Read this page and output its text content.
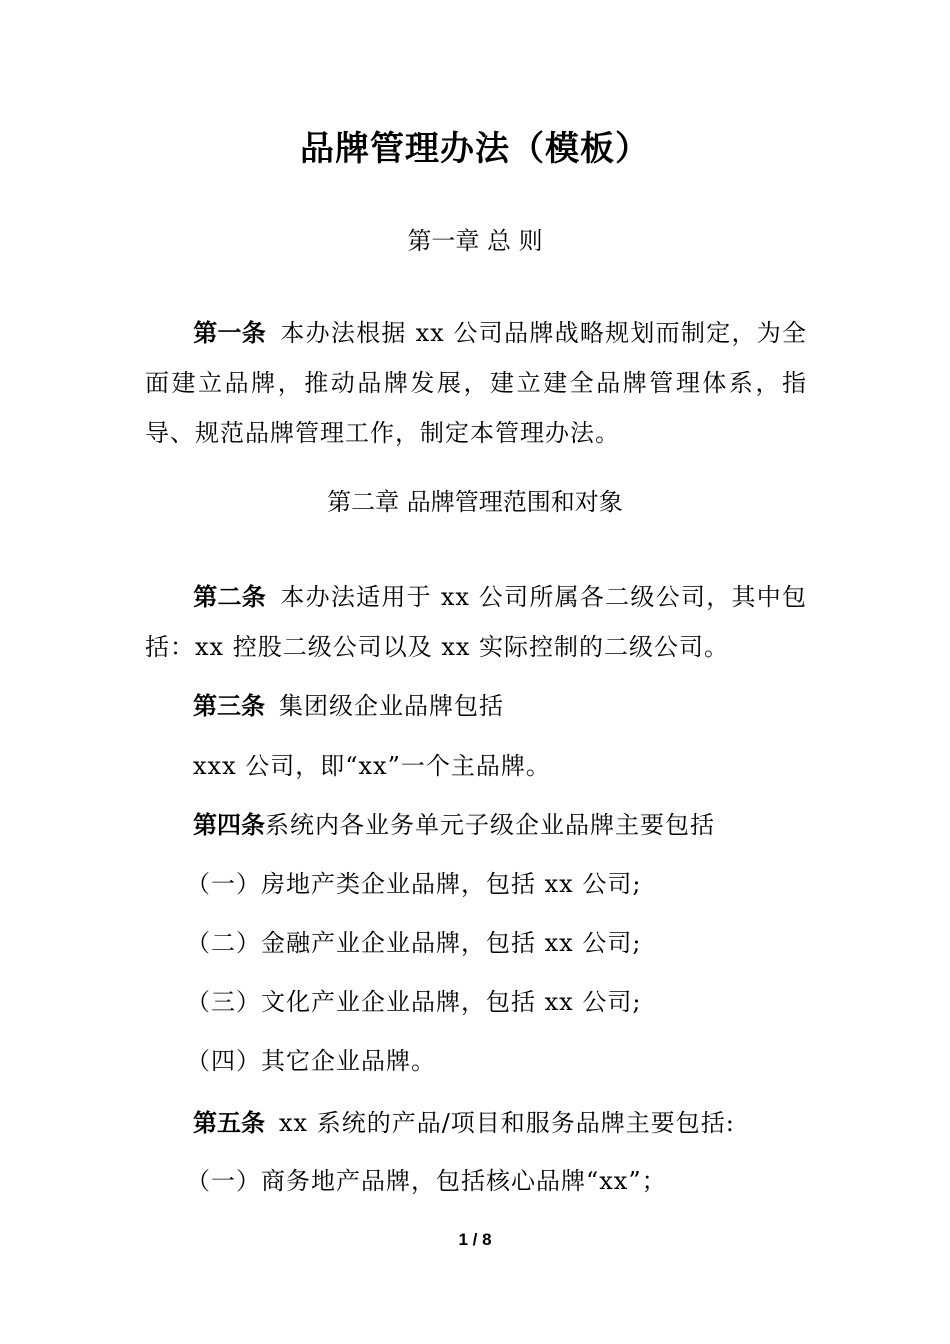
品牌管理办法（模板）
第一章 总 则
第一条 本办法根据 xx 公司品牌战略规划而制定，为全面建立品牌，推动品牌发展，建立建全品牌管理体系，指导、规范品牌管理工作，制定本管理办法。
第二章 品牌管理范围和对象
第二条 本办法适用于 xx 公司所属各二级公司，其中包括：xx 控股二级公司以及 xx 实际控制的二级公司。
第三条 集团级企业品牌包括
xxx 公司，即“xx”一个主品牌。
第四条系统内各业务单元子级企业品牌主要包括
（一）房地产类企业品牌，包括 xx 公司;
（二）金融产业企业品牌，包括 xx 公司;
（三）文化产业企业品牌，包括 xx 公司;
（四）其它企业品牌。
第五条 xx 系统的产品/项目和服务品牌主要包括:
（一）商务地产品牌，包括核心品牌“xx”；
1 / 8
